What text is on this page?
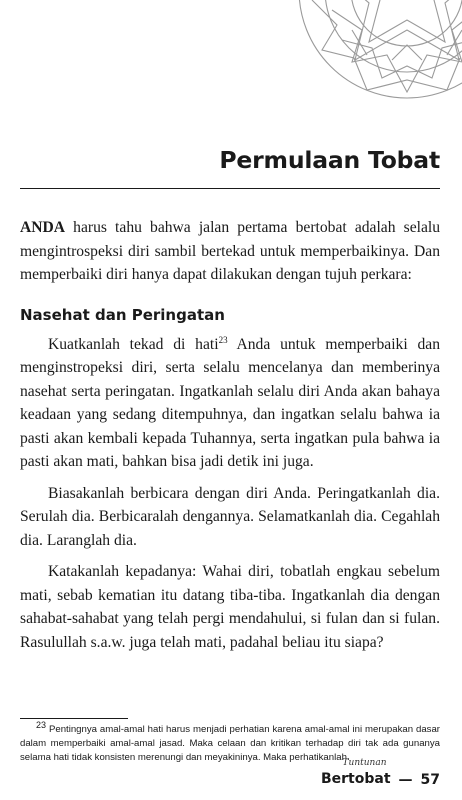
Permulaan Tobat

ANDA harus tahu bahwa jalan pertama bertobat adalah selalu mengintrospeksi diri sambil bertekad untuk memperbaikinya. Dan memperbaiki diri hanya dapat dilakukan dengan tujuh perkara:

Nasehat dan Peringatan

Kuatkanlah tekad di hati$^{23}$ Anda untuk memperbaiki dan menginstropeksi diri, serta selalu mencelanya dan memberinya nasehat serta peringatan. Ingatkanlah selalu diri Anda akan bahaya keadaan yang sedang ditempuhnya, dan ingatkan selalu bahwa ia pasti akan kembali kepada Tuhannya, serta ingatkan pula bahwa ia pasti akan mati, bahkan bisa jadi detik ini juga.

Biasakanlah berbicara dengan diri Anda. Peringatkanlah dia. Serulah dia. Berbicaralah dengannya. Selamatkanlah dia. Cegahlah dia. Laranglah dia.

Katakanlah kepadanya: Wahai diri, tobatlah engkau sebelum mati, sebab kematian itu datang tiba-tiba. Ingatkanlah dia dengan sahabat-sahabat yang telah pergi mendahului, si fulan dan si fulan. Rasulullah s.a.w. juga telah mati, padahal beliau itu siapa?

$^{23}$ Pentingnya amal-amal hati harus menjadi perhatian karena amal-amal ini merupakan dasar dalam memperbaiki amal-amal jasad. Maka celaan dan kritikan terhadap diri tak ada gunanya selama hati tidak konsisten merenungi dan meyakininya. Maka perhatikanlah.
Tuntunan
Bertobat — 57
